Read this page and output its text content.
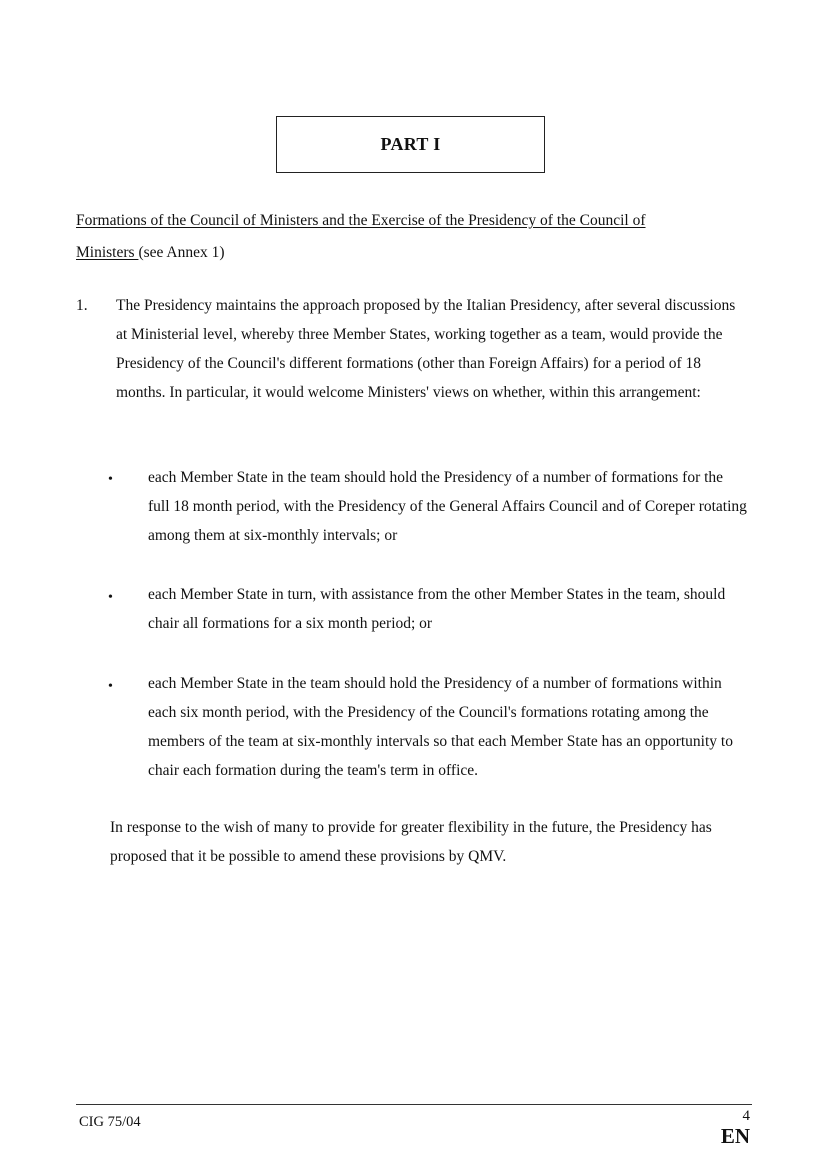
PART I
Formations of the Council of Ministers and the Exercise of the Presidency of the Council of
Ministers (see Annex 1)
1. The Presidency maintains the approach proposed by the Italian Presidency, after several discussions at Ministerial level, whereby three Member States, working together as a team, would provide the Presidency of the Council's different formations (other than Foreign Affairs) for a period of 18 months. In particular, it would welcome Ministers' views on whether, within this arrangement:
• each Member State in the team should hold the Presidency of a number of formations for the full 18 month period, with the Presidency of the General Affairs Council and of Coreper rotating among them at six-monthly intervals; or
• each Member State in turn, with assistance from the other Member States in the team, should chair all formations for a six month period; or
• each Member State in the team should hold the Presidency of a number of formations within each six month period, with the Presidency of the Council's formations rotating among the members of the team at six-monthly intervals so that each Member State has an opportunity to chair each formation during the team's term in office.
In response to the wish of many to provide for greater flexibility in the future, the Presidency has proposed that it be possible to amend these provisions by QMV.
CIG 75/04	4
EN
